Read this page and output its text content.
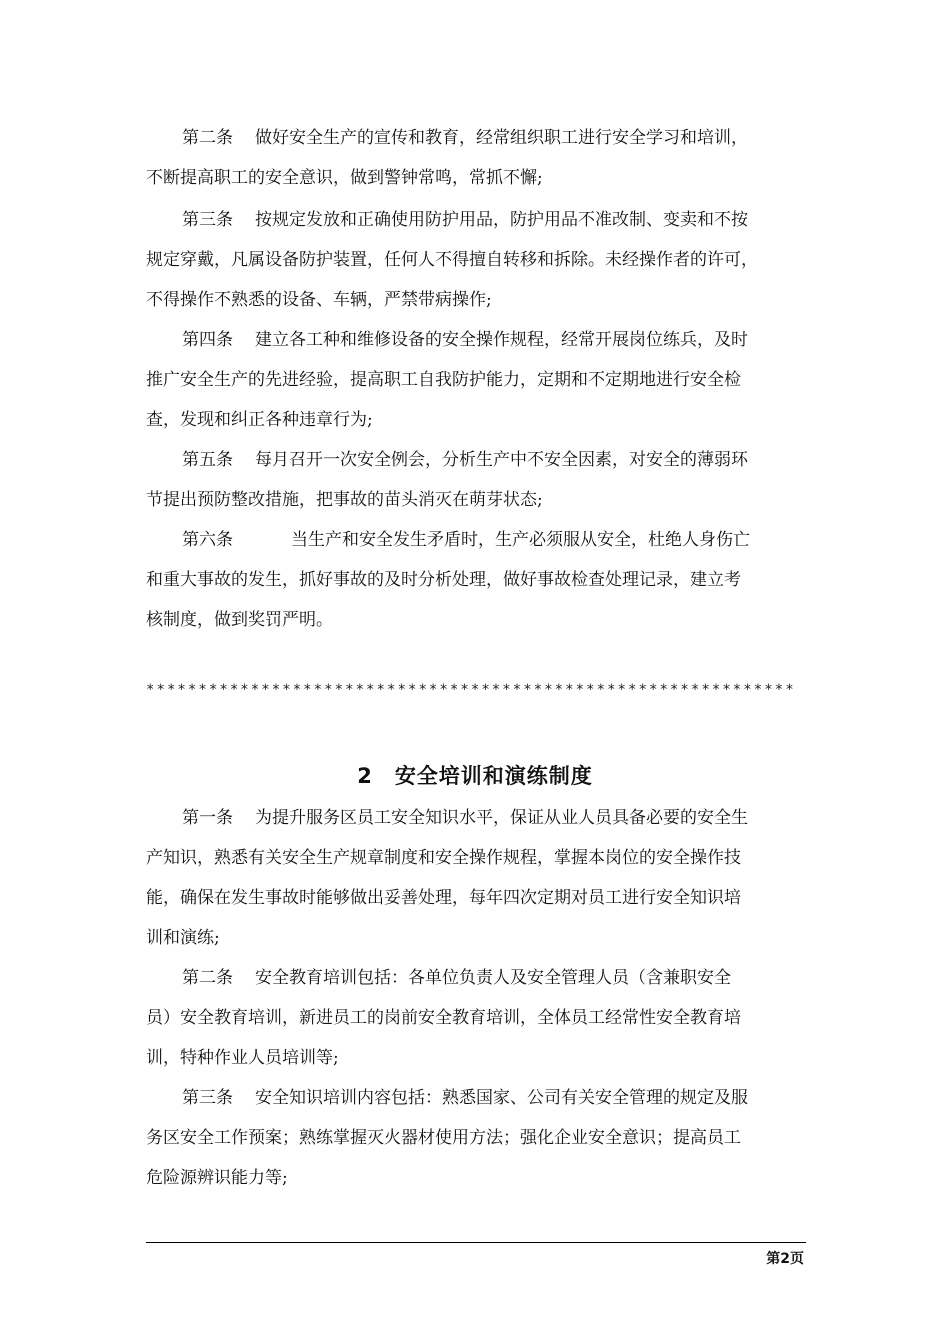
第二条 做好安全生产的宣传和教育，经常组织职工进行安全学习和培训，
不断提高职工的安全意识，做到警钟常鸣，常抓不懈;
第三条 按规定发放和正确使用防护用品，防护用品不准改制、变卖和不按
规定穿戴，凡属设备防护装置，任何人不得擅自转移和拆除。未经操作者的许可，
不得操作不熟悉的设备、车辆，严禁带病操作;
第四条 建立各工种和维修设备的安全操作规程，经常开展岗位练兵，及时
推广安全生产的先进经验，提高职工自我防护能力，定期和不定期地进行安全检
查，发现和纠正各种违章行为;
第五条 每月召开一次安全例会，分析生产中不安全因素，对安全的薄弱环
节提出预防整改措施，把事故的苗头消灭在萌芽状态;
第六条	当生产和安全发生矛盾时，生产必须服从安全，杜绝人身伤亡
和重大事故的发生，抓好事故的及时分析处理，做好事故检查处理记录，建立考
核制度，做到奖罚严明。
**************************************************************
2 安全培训和演练制度
第一条 为提升服务区员工安全知识水平，保证从业人员具备必要的安全生
产知识，熟悉有关安全生产规章制度和安全操作规程，掌握本岗位的安全操作技
能，确保在发生事故时能够做出妥善处理，每年四次定期对员工进行安全知识培
训和演练;
第二条 安全教育培训包括：各单位负责人及安全管理人员（含兼职安全
员）安全教育培训，新进员工的岗前安全教育培训，全体员工经常性安全教育培
训，特种作业人员培训等;
第三条 安全知识培训内容包括：熟悉国家、公司有关安全管理的规定及服
务区安全工作预案；熟练掌握灭火器材使用方法；强化企业安全意识；提高员工
危险源辨识能力等;
第2页
